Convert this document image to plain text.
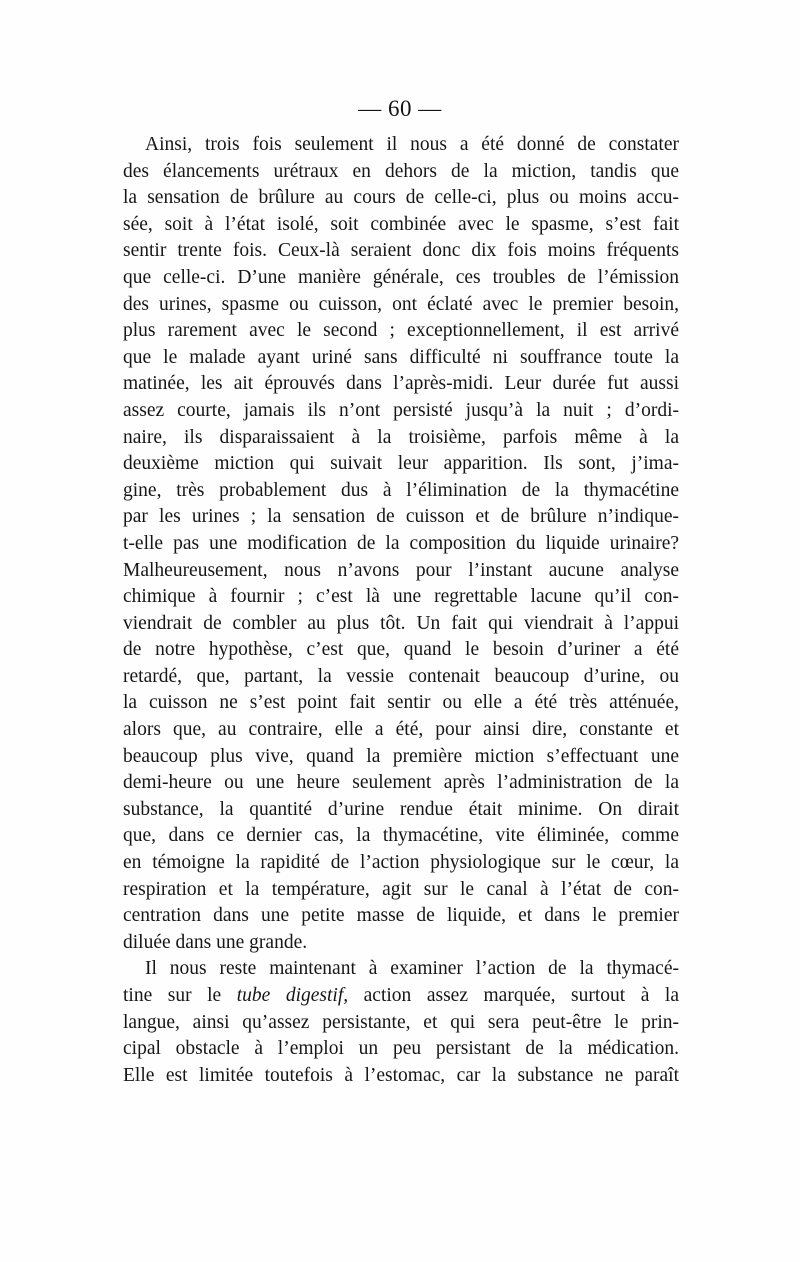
— 60 —
Ainsi, trois fois seulement il nous a été donné de constater
des élancements urétraux en dehors de la miction, tandis que
la sensation de brûlure au cours de celle-ci, plus ou moins accu-
sée, soit à l’état isolé, soit combinée avec le spasme, s’est fait
sentir trente fois. Ceux-là seraient donc dix fois moins fréquents
que celle-ci. D’une manière générale, ces troubles de l’émission
des urines, spasme ou cuisson, ont éclaté avec le premier besoin,
plus rarement avec le second ; exceptionnellement, il est arrivé
que le malade ayant uriné sans difficulté ni souffrance toute la
matinée, les ait éprouvés dans l’après-midi. Leur durée fut aussi
assez courte, jamais ils n’ont persisté jusqu’à la nuit ; d’ordi-
naire, ils disparaissaient à la troisième, parfois même à la
deuxième miction qui suivait leur apparition. Ils sont, j’ima-
gine, très probablement dus à l’élimination de la thymacétine
par les urines ; la sensation de cuisson et de brûlure n’indique-
t-elle pas une modification de la composition du liquide urinaire?
Malheureusement, nous n’avons pour l’instant aucune analyse
chimique à fournir ; c’est là une regrettable lacune qu’il con-
viendrait de combler au plus tôt. Un fait qui viendrait à l’appui
de notre hypothèse, c’est que, quand le besoin d’uriner a été
retardé, que, partant, la vessie contenait beaucoup d’urine, ou
la cuisson ne s’est point fait sentir ou elle a été très atténuée,
alors que, au contraire, elle a été, pour ainsi dire, constante et
beaucoup plus vive, quand la première miction s’effectuant une
demi-heure ou une heure seulement après l’administration de la
substance, la quantité d’urine rendue était minime. On dirait
que, dans ce dernier cas, la thymacétine, vite éliminée, comme
en témoigne la rapidité de l’action physiologique sur le cœur, la
respiration et la température, agit sur le canal à l’état de con-
centration dans une petite masse de liquide, et dans le premier
diluée dans une grande.
Il nous reste maintenant à examiner l’action de la thymacé-
tine sur le tube digestif, action assez marquée, surtout à la
langue, ainsi qu’assez persistante, et qui sera peut-être le prin-
cipal obstacle à l’emploi un peu persistant de la médication.
Elle est limitée toutefois à l’estomac, car la substance ne paraît
